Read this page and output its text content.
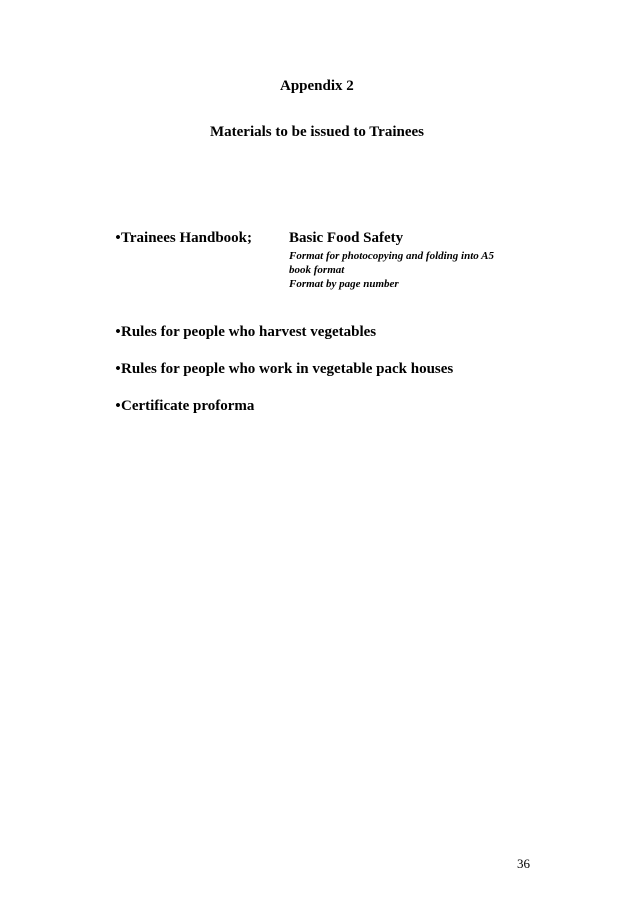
Appendix 2
Materials to be issued to Trainees
• Trainees Handbook; Basic Food Safety
Format for photocopying and folding into A5
book format
Format by page number
• Rules for people who harvest vegetables
• Rules for people who work in vegetable pack houses
• Certificate proforma
36
